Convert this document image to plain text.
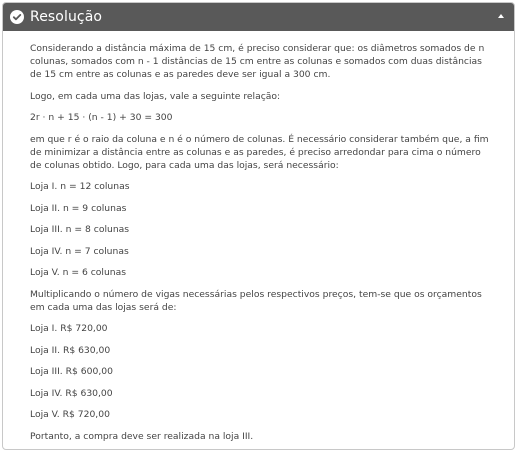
Resolução

Considerando a distância máxima de 15 cm, é preciso considerar que: os diâmetros somados de n colunas, somados com n - 1 distâncias de 15 cm entre as colunas e somados com duas distâncias de 15 cm entre as colunas e as paredes deve ser igual a 300 cm.

Logo, em cada uma das lojas, vale a seguinte relação:

2r · n + 15 · (n - 1) + 30 = 300

em que r é o raio da coluna e n é o número de colunas. É necessário considerar também que, a fim de minimizar a distância entre as colunas e as paredes, é preciso arredondar para cima o número de colunas obtido. Logo, para cada uma das lojas, será necessário:

Loja I. n = 12 colunas

Loja II. n = 9 colunas

Loja III. n = 8 colunas

Loja IV. n = 7 colunas

Loja V. n = 6 colunas

Multiplicando o número de vigas necessárias pelos respectivos preços, tem-se que os orçamentos em cada uma das lojas será de:

Loja I. R$ 720,00

Loja II. R$ 630,00

Loja III. R$ 600,00

Loja IV. R$ 630,00

Loja V. R$ 720,00

Portanto, a compra deve ser realizada na loja III.
